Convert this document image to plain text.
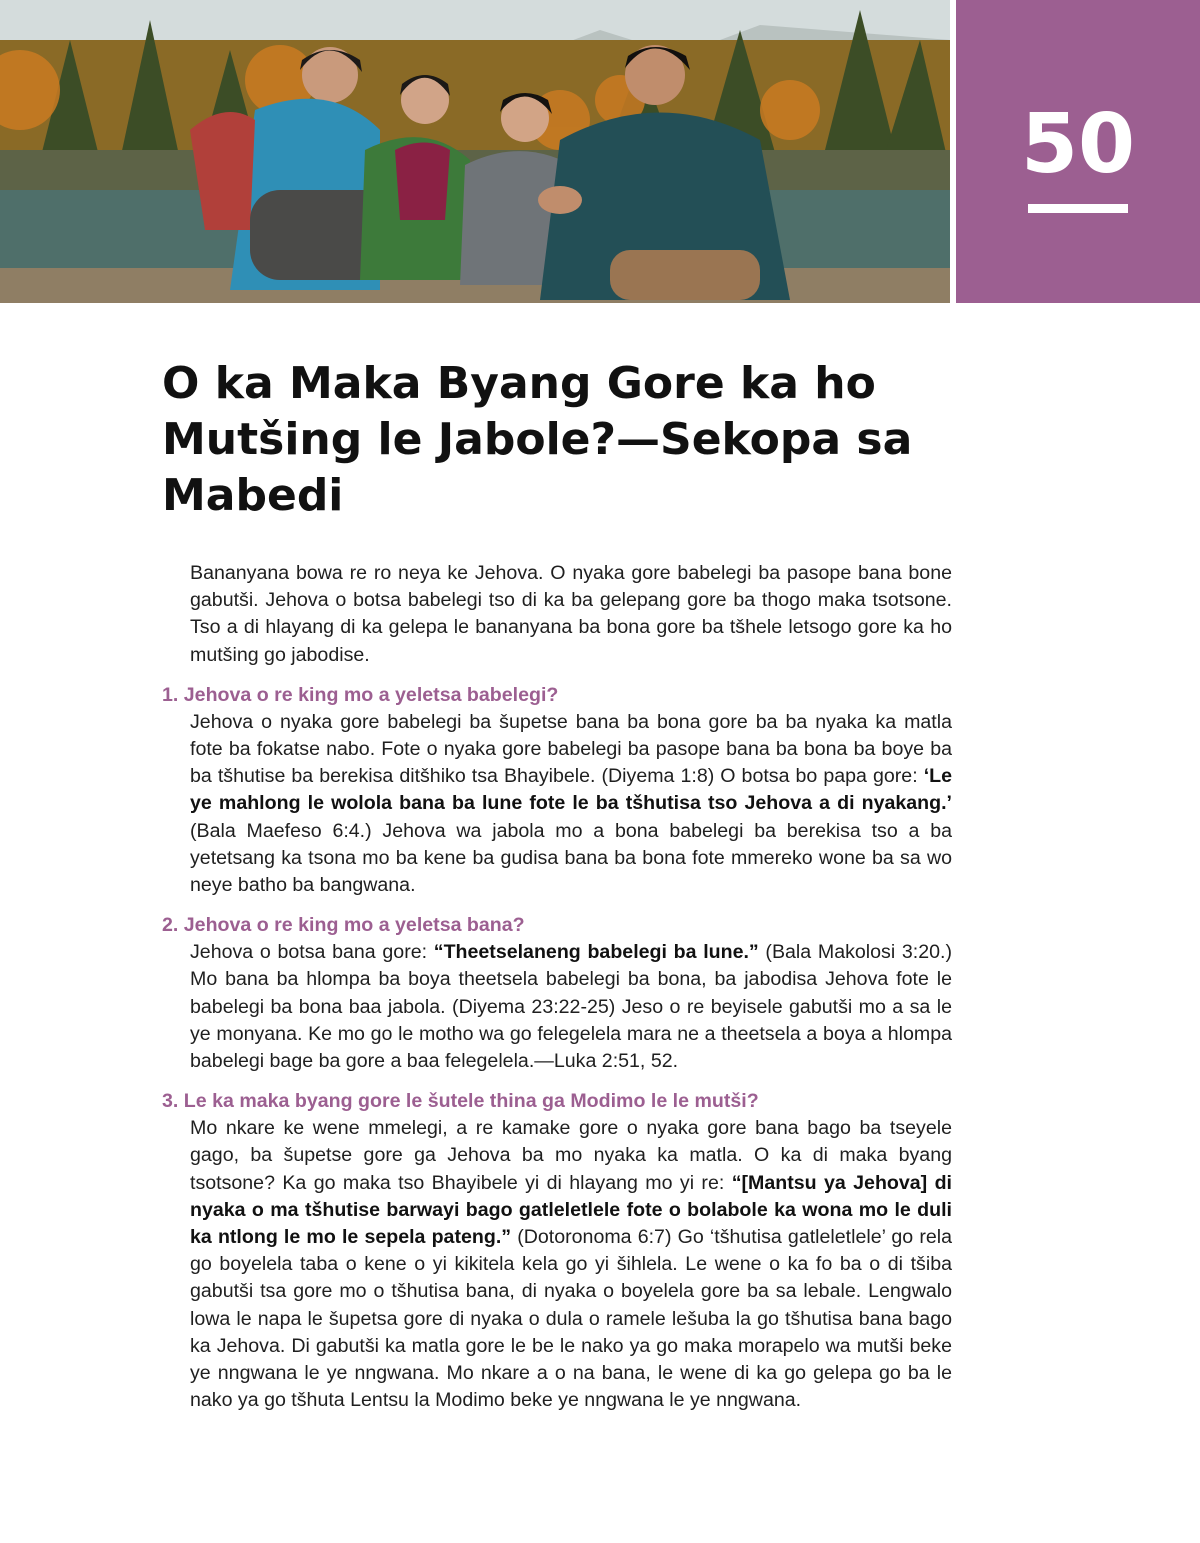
50
O ka Maka Byang Gore ka ho Mutšing le Jabole?—Sekopa sa Mabedi

Bananyana bowa re ro neya ke Jehova. O nyaka gore babelegi ba pasope bana bone gabutši. Jehova o botsa babelegi tso di ka ba gelepang gore ba thogo maka tsotsone. Tso a di hlayang di ka gelepa le bananyana ba bona gore ba tšhele letsogo gore ka ho mutšing go jabodise.

1. Jehova o re king mo a yeletsa babelegi?

Jehova o nyaka gore babelegi ba šupetse bana ba bona gore ba ba nyaka ka matla fote ba fokatse nabo. Fote o nyaka gore babelegi ba pasope bana ba bona ba boye ba ba tšhutise ba berekisa ditšhiko tsa Bhayibele. (Diyema 1:8) O botsa bo papa gore: ‘Le ye mahlong le wolola bana ba lune fote le ba tšhutisa tso Jehova a di nyakang.’ (Bala Maefeso 6:4.) Jehova wa jabola mo a bona babelegi ba berekisa tso a ba yetetsang ka tsona mo ba kene ba gudisa bana ba bona fote mmereko wone ba sa wo neye batho ba bangwana.

2. Jehova o re king mo a yeletsa bana?

Jehova o botsa bana gore: “Theetselaneng babelegi ba lune.” (Bala Makolosi 3:20.) Mo bana ba hlompa ba boya theetsela babelegi ba bona, ba jabodisa Jehova fote le babelegi ba bona baa jabola. (Diyema 23:22-25) Jeso o re beyisele gabutši mo a sa le ye monyana. Ke mo go le motho wa go felegelela mara ne a theetsela a boya a hlompa babelegi bage ba gore a baa felegelela.—Luka 2:51, 52.

3. Le ka maka byang gore le šutele thina ga Modimo le le mutši?

Mo nkare ke wene mmelegi, a re kamake gore o nyaka gore bana bago ba tseyele gago, ba šupetse gore ga Jehova ba mo nyaka ka matla. O ka di maka byang tsotsone? Ka go maka tso Bhayibele yi di hlayang mo yi re: “[Mantsu ya Jehova] di nyaka o ma tšhutise barwayi bago gatleletlele fote o bolabole ka wona mo le duli ka ntlong le mo le sepela pateng.” (Dotoronoma 6:7) Go ‘tšhutisa gatleletlele’ go rela go boyelela taba o kene o yi kikitela kela go yi šihlela. Le wene o ka fo ba o di tšiba gabutši tsa gore mo o tšhutisa bana, di nyaka o boyelela gore ba sa lebale. Lengwalo lowa le napa le šupetsa gore di nyaka o dula o ramele lešuba la go tšhutisa bana bago ka Jehova. Di gabutši ka matla gore le be le nako ya go maka morapelo wa mutši beke ye nngwana le ye nngwana. Mo nkare a o na bana, le wene di ka go gelepa go ba le nako ya go tšhuta Lentsu la Modimo beke ye nngwana le ye nngwana.
